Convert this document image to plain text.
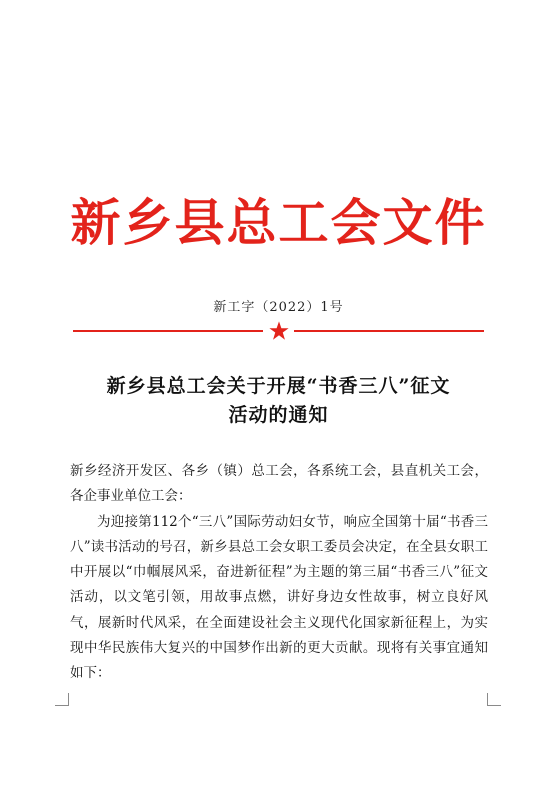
新乡县总工会文件
新工字（2022）1号
新乡县总工会关于开展“书香三八”征文
活动的通知

新乡经济开发区、各乡（镇）总工会，各系统工会，县直机关工会，各企事业单位工会：

为迎接第112个“三八”国际劳动妇女节，响应全国第十届“书香三八”读书活动的号召，新乡县总工会女职工委员会决定，在全县女职工中开展以“巾帼展风采，奋进新征程”为主题的第三届“书香三八”征文活动，以文笔引领，用故事点燃，讲好身边女性故事，树立良好风气，展新时代风采，在全面建设社会主义现代化国家新征程上，为实现中华民族伟大复兴的中国梦作出新的更大贡献。现将有关事宜通知如下：
